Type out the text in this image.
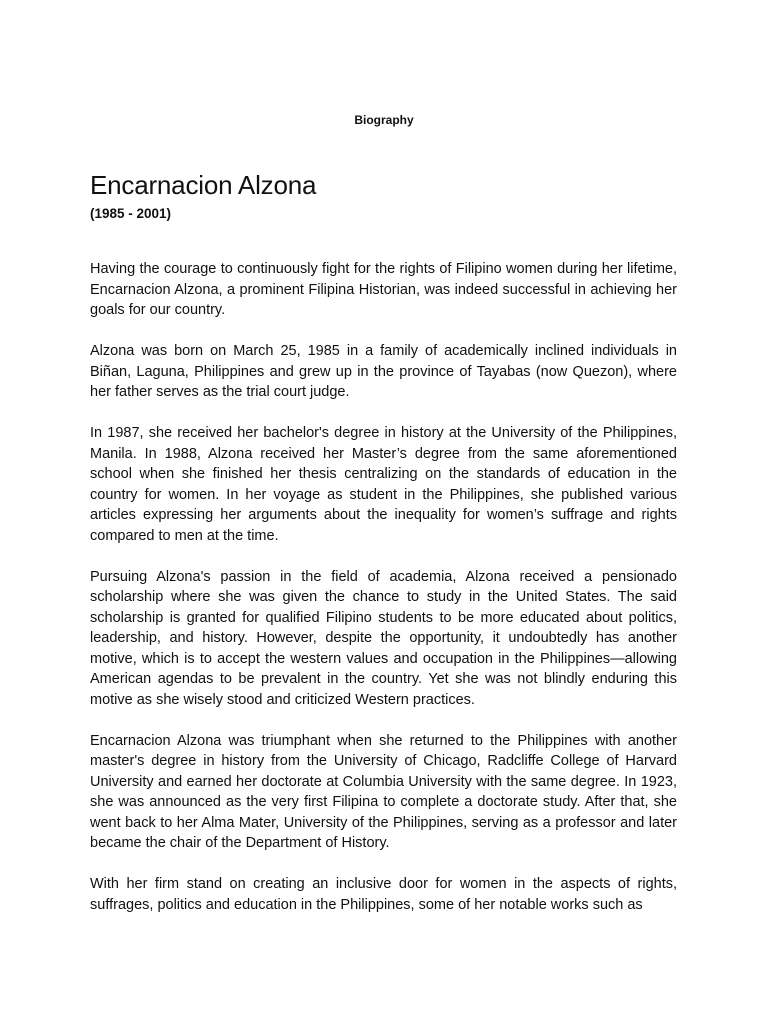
Biography
Encarnacion Alzona
(1985 - 2001)

Having the courage to continuously fight for the rights of Filipino women during her lifetime, Encarnacion Alzona, a prominent Filipina Historian, was indeed successful in achieving her goals for our country.

Alzona was born on March 25, 1985 in a family of academically inclined individuals in Biñan, Laguna, Philippines and grew up in the province of Tayabas (now Quezon), where her father serves as the trial court judge.

In 1987, she received her bachelor's degree in history at the University of the Philippines, Manila. In 1988, Alzona received her Master’s degree from the same aforementioned school when she finished her thesis centralizing on the standards of education in the country for women. In her voyage as student in the Philippines, she published various articles expressing her arguments about the inequality for women’s suffrage and rights compared to men at the time.

Pursuing Alzona's passion in the field of academia, Alzona received a pensionado scholarship where she was given the chance to study in the United States. The said scholarship is granted for qualified Filipino students to be more educated about politics, leadership, and history. However, despite the opportunity, it undoubtedly has another motive, which is to accept the western values and occupation in the Philippines—allowing American agendas to be prevalent in the country. Yet she was not blindly enduring this motive as she wisely stood and criticized Western practices.

Encarnacion Alzona was triumphant when she returned to the Philippines with another master's degree in history from the University of Chicago, Radcliffe College of Harvard University and earned her doctorate at Columbia University with the same degree. In 1923, she was announced as the very first Filipina to complete a doctorate study. After that, she went back to her Alma Mater, University of the Philippines, serving as a professor and later became the chair of the Department of History.

With her firm stand on creating an inclusive door for women in the aspects of rights, suffrages, politics and education in the Philippines, some of her notable works such as
